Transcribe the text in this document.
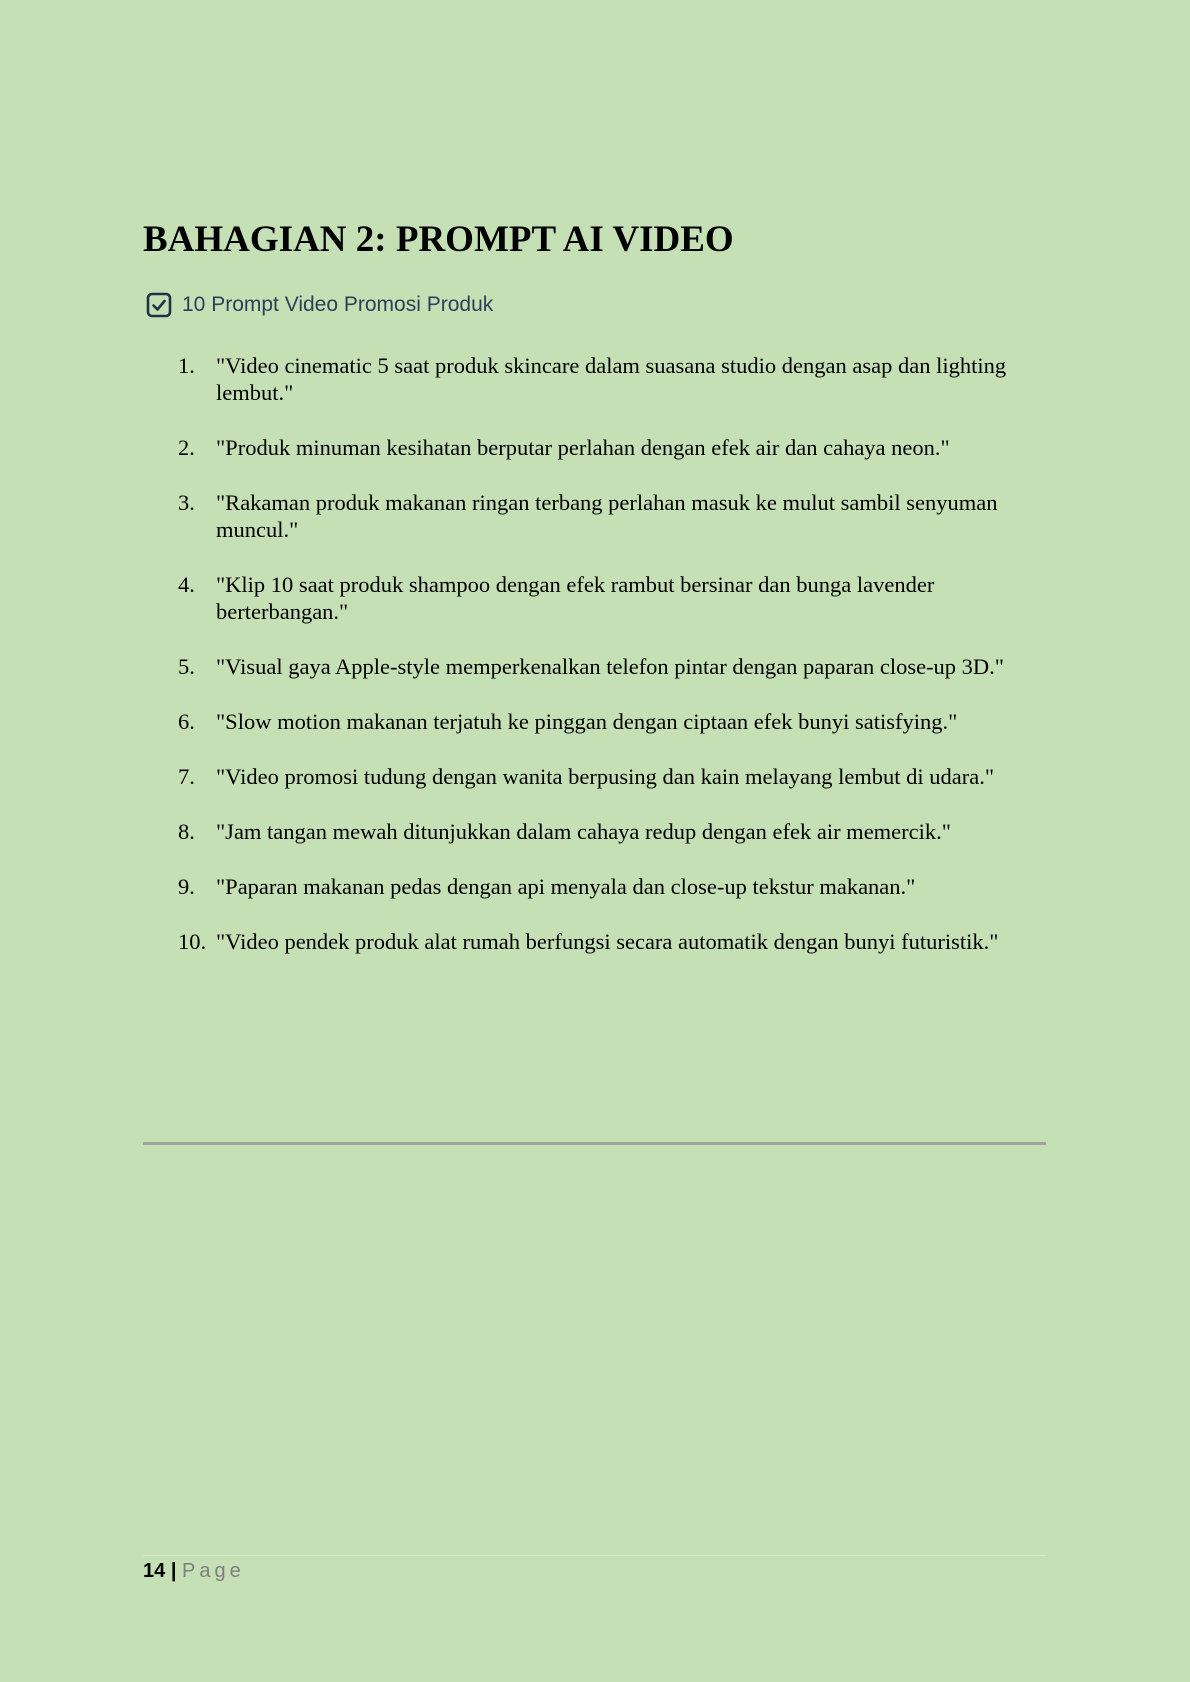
BAHAGIAN 2: PROMPT AI VIDEO
10 Prompt Video Promosi Produk
1. "Video cinematic 5 saat produk skincare dalam suasana studio dengan asap dan lighting lembut."
2. "Produk minuman kesihatan berputar perlahan dengan efek air dan cahaya neon."
3. "Rakaman produk makanan ringan terbang perlahan masuk ke mulut sambil senyuman muncul."
4. "Klip 10 saat produk shampoo dengan efek rambut bersinar dan bunga lavender berterbangan."
5. "Visual gaya Apple-style memperkenalkan telefon pintar dengan paparan close-up 3D."
6. "Slow motion makanan terjatuh ke pinggan dengan ciptaan efek bunyi satisfying."
7. "Video promosi tudung dengan wanita berpusing dan kain melayang lembut di udara."
8. "Jam tangan mewah ditunjukkan dalam cahaya redup dengan efek air memercik."
9. "Paparan makanan pedas dengan api menyala dan close-up tekstur makanan."
10. "Video pendek produk alat rumah berfungsi secara automatik dengan bunyi futuristik."
14 | Page
